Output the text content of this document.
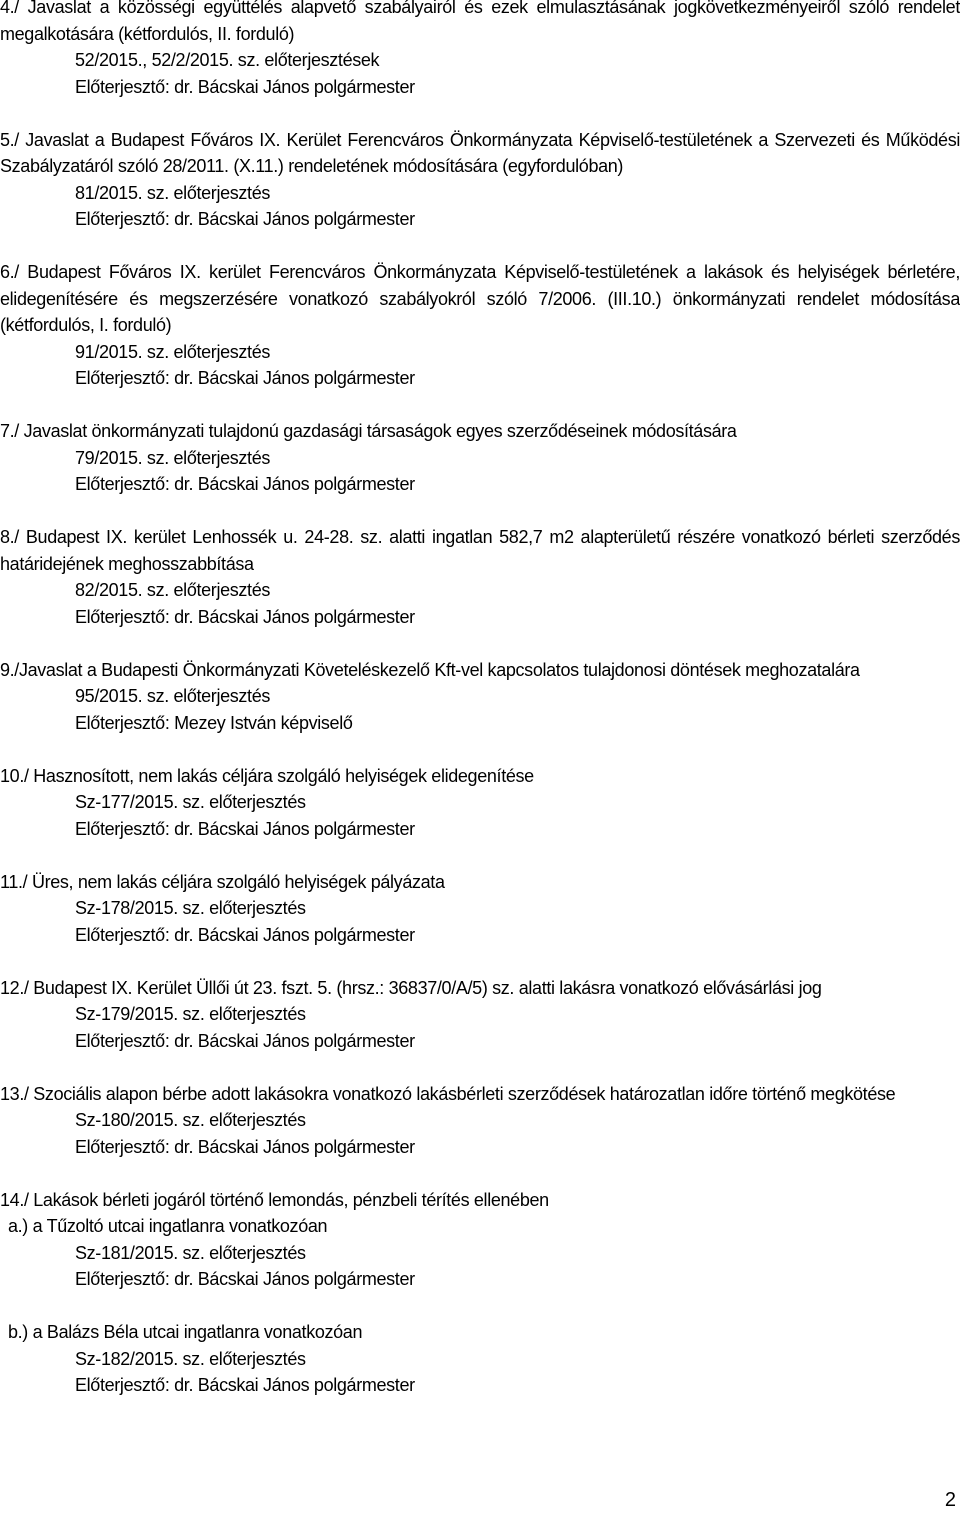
4./ Javaslat a közösségi együttélés alapvető szabályairól és ezek elmulasztásának jogkövetkezményeiről szóló rendelet megalkotására (kétfordulós, II. forduló)

52/2015., 52/2/2015. sz. előterjesztések
Előterjesztő: dr. Bácskai János polgármester

5./ Javaslat a Budapest Főváros IX. Kerület Ferencváros Önkormányzata Képviselő-testületének a Szervezeti és Működési Szabályzatáról szóló 28/2011. (X.11.) rendeletének módosítására (egyfordulóban)

81/2015. sz. előterjesztés
Előterjesztő: dr. Bácskai János polgármester

6./ Budapest Főváros IX. kerület Ferencváros Önkormányzata Képviselő-testületének a lakások és helyiségek bérletére, elidegenítésére és megszerzésére vonatkozó szabályokról szóló 7/2006. (III.10.) önkormányzati rendelet módosítása (kétfordulós, I. forduló)

91/2015. sz. előterjesztés
Előterjesztő: dr. Bácskai János polgármester

7./ Javaslat önkormányzati tulajdonú gazdasági társaságok egyes szerződéseinek módosítására

79/2015. sz. előterjesztés
Előterjesztő: dr. Bácskai János polgármester

8./ Budapest IX. kerület Lenhossék u. 24-28. sz. alatti ingatlan 582,7 m2 alapterületű részére vonatkozó bérleti szerződés határidejének meghosszabbítása

82/2015. sz. előterjesztés
Előterjesztő: dr. Bácskai János polgármester

9./Javaslat a Budapesti Önkormányzati Követeléskezelő Kft-vel kapcsolatos tulajdonosi döntések meghozatalára

95/2015. sz. előterjesztés
Előterjesztő: Mezey István képviselő

10./ Hasznosított, nem lakás céljára szolgáló helyiségek elidegenítése

Sz-177/2015. sz. előterjesztés
Előterjesztő: dr. Bácskai János polgármester

11./ Üres, nem lakás céljára szolgáló helyiségek pályázata

Sz-178/2015. sz. előterjesztés
Előterjesztő: dr. Bácskai János polgármester

12./ Budapest IX. Kerület Üllői út 23. fszt. 5. (hrsz.: 36837/0/A/5) sz. alatti lakásra vonatkozó elővásárlási jog

Sz-179/2015. sz. előterjesztés
Előterjesztő: dr. Bácskai János polgármester

13./ Szociális alapon bérbe adott lakásokra vonatkozó lakásbérleti szerződések határozatlan időre történő megkötése

Sz-180/2015. sz. előterjesztés
Előterjesztő: dr. Bácskai János polgármester

14./ Lakások bérleti jogáról történő lemondás, pénzbeli térítés ellenében

a.) a Tűzoltó utcai ingatlanra vonatkozóan
Sz-181/2015. sz. előterjesztés
Előterjesztő: dr. Bácskai János polgármester
b.) a Balázs Béla utcai ingatlanra vonatkozóan
Sz-182/2015. sz. előterjesztés
Előterjesztő: dr. Bácskai János polgármester
2
